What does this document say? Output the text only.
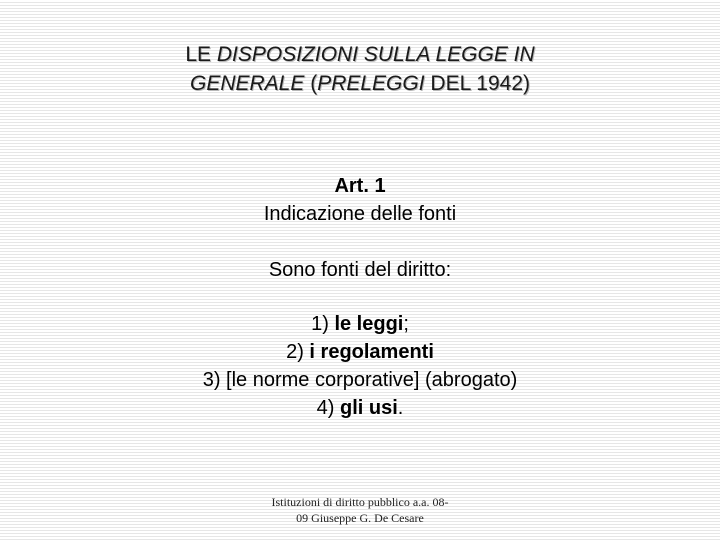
LE DISPOSIZIONI SULLA LEGGE IN
GENERALE (PRELEGGI DEL 1942)
Art. 1
Indicazione delle fonti
Sono fonti del diritto:
1) le leggi;
2) i regolamenti
3) [le norme corporative] (abrogato)
4) gli usi.
Istituzioni di diritto pubblico a.a. 08-
09 Giuseppe G. De Cesare
